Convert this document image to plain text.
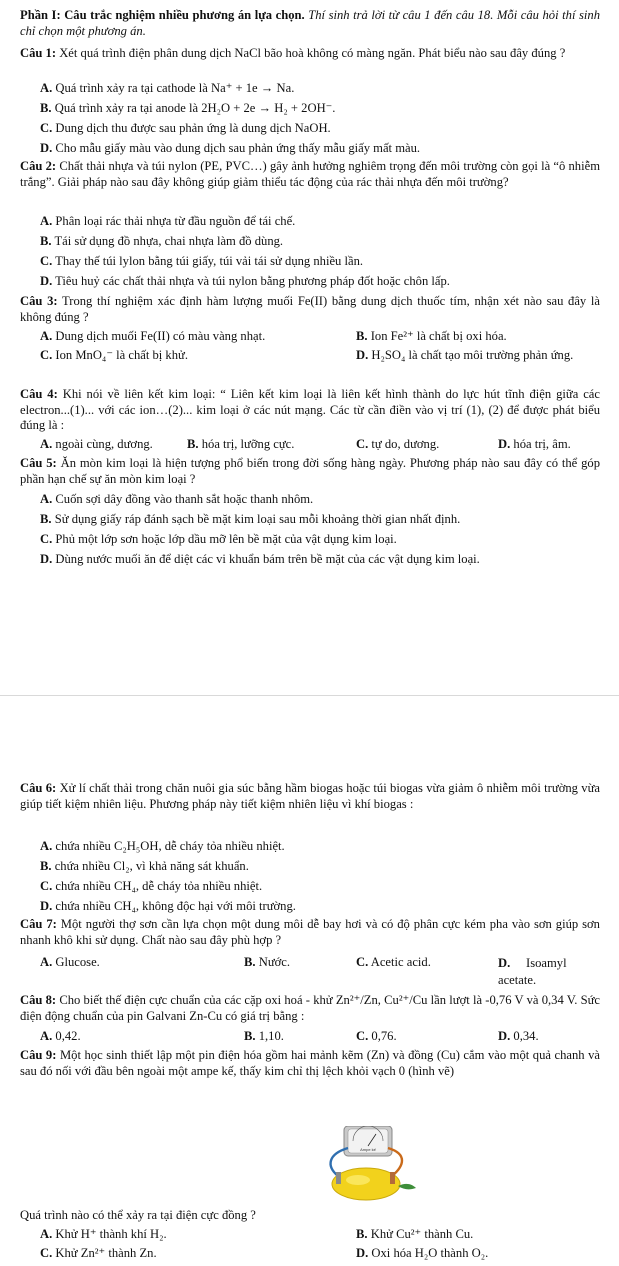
Phần I: Câu trắc nghiệm nhiều phương án lựa chọn. Thí sinh trả lời từ câu 1 đến câu 18. Mỗi câu hỏi thí sinh chỉ chọn một phương án.
Câu 1: Xét quá trình điện phân dung dịch NaCl bão hoà không có màng ngăn. Phát biểu nào sau đây đúng ?
A. Quá trình xảy ra tại cathode là Na⁺ + 1e → Na.
B. Quá trình xảy ra tại anode là 2H₂O + 2e → H₂ + 2OH⁻.
C. Dung dịch thu được sau phản ứng là dung dịch NaOH.
D. Cho mẫu giấy màu vào dung dịch sau phản ứng thấy mẫu giấy mất màu.
Câu 2: Chất thải nhựa và túi nylon (PE, PVC…) gây ảnh hưởng nghiêm trọng đến môi trường còn gọi là “ô nhiễm trắng”. Giải pháp nào sau đây không giúp giảm thiểu tác động của rác thải nhựa đến môi trường?
A. Phân loại rác thải nhựa từ đầu nguồn để tái chế.
B. Tái sử dụng đồ nhựa, chai nhựa làm đồ dùng.
C. Thay thế túi lylon bằng túi giấy, túi vải tái sử dụng nhiều lần.
D. Tiêu huỷ các chất thải nhựa và túi nylon bằng phương pháp đốt hoặc chôn lấp.
Câu 3: Trong thí nghiệm xác định hàm lượng muối Fe(II) bằng dung dịch thuốc tím, nhận xét nào sau đây là không đúng ?
A. Dung dịch muối Fe(II) có màu vàng nhạt.	B. Ion Fe²⁺ là chất bị oxi hóa.
C. Ion MnO₄⁻ là chất bị khử.	D. H₂SO₄ là chất tạo môi trường phản ứng.
Câu 4: Khi nói về liên kết kim loại: “ Liên kết kim loại là liên kết hình thành do lực hút tĩnh điện giữa các electron...(1)... với các ion…(2)... kim loại ở các nút mạng. Các từ cần điền vào vị trí (1), (2) để được phát biểu đúng là :
A. ngoài cùng, dương.	B. hóa trị, lưỡng cực.	C. tự do, dương.	D. hóa trị, âm.
Câu 5: Ăn mòn kim loại là hiện tượng phổ biến trong đời sống hàng ngày. Phương pháp nào sau đây có thể góp phần hạn chế sự ăn mòn kim loại ?
A. Cuốn sợi dây đồng vào thanh sắt hoặc thanh nhôm.
B. Sử dụng giấy ráp đánh sạch bề mặt kim loại sau mỗi khoảng thời gian nhất định.
C. Phủ một lớp sơn hoặc lớp dầu mỡ lên bề mặt của vật dụng kim loại.
D. Dùng nước muối ăn để diệt các vi khuẩn bám trên bề mặt của các vật dụng kim loại.
Câu 6: Xử lí chất thải trong chăn nuôi gia súc bằng hầm biogas hoặc túi biogas vừa giảm ô nhiễm môi trường vừa giúp tiết kiệm nhiên liệu. Phương pháp này tiết kiệm nhiên liệu vì khí biogas :
A. chứa nhiều C₂H₅OH, dễ cháy tỏa nhiều nhiệt.
B. chứa nhiều Cl₂, vì khả năng sát khuẩn.
C. chứa nhiều CH₄, dễ cháy tỏa nhiều nhiệt.
D. chứa nhiều CH₄, không độc hại với môi trường.
Câu 7: Một người thợ sơn cần lựa chọn một dung môi dễ bay hơi và có độ phân cực kém pha vào sơn giúp sơn nhanh khô khi sử dụng. Chất nào sau đây phù hợp ?
A. Glucose.	B. Nước.	C. Acetic acid.	D. Isoamyl acetate.
Câu 8: Cho biết thế điện cực chuẩn của các cặp oxi hoá - khử Zn²⁺/Zn, Cu²⁺/Cu lần lượt là -0,76 V và 0,34 V. Sức điện động chuẩn của pin Galvani Zn-Cu có giá trị bằng :
A. 0,42.	B. 1,10.	C. 0,76.	D. 0,34.
Câu 9: Một học sinh thiết lập một pin điện hóa gồm hai mảnh kẽm (Zn) và đồng (Cu) cắm vào một quả chanh và sau đó nối với đầu bên ngoài một ampe kế, thấy kim chỉ thị lệch khỏi vạch 0 (hình vẽ)
Ampe kế
Quá trình nào có thể xảy ra tại điện cực đồng ?
A. Khử H⁺ thành khí H₂.	B. Khử Cu²⁺ thành Cu.
C. Khử Zn²⁺ thành Zn.	D. Oxi hóa H₂O thành O₂.
